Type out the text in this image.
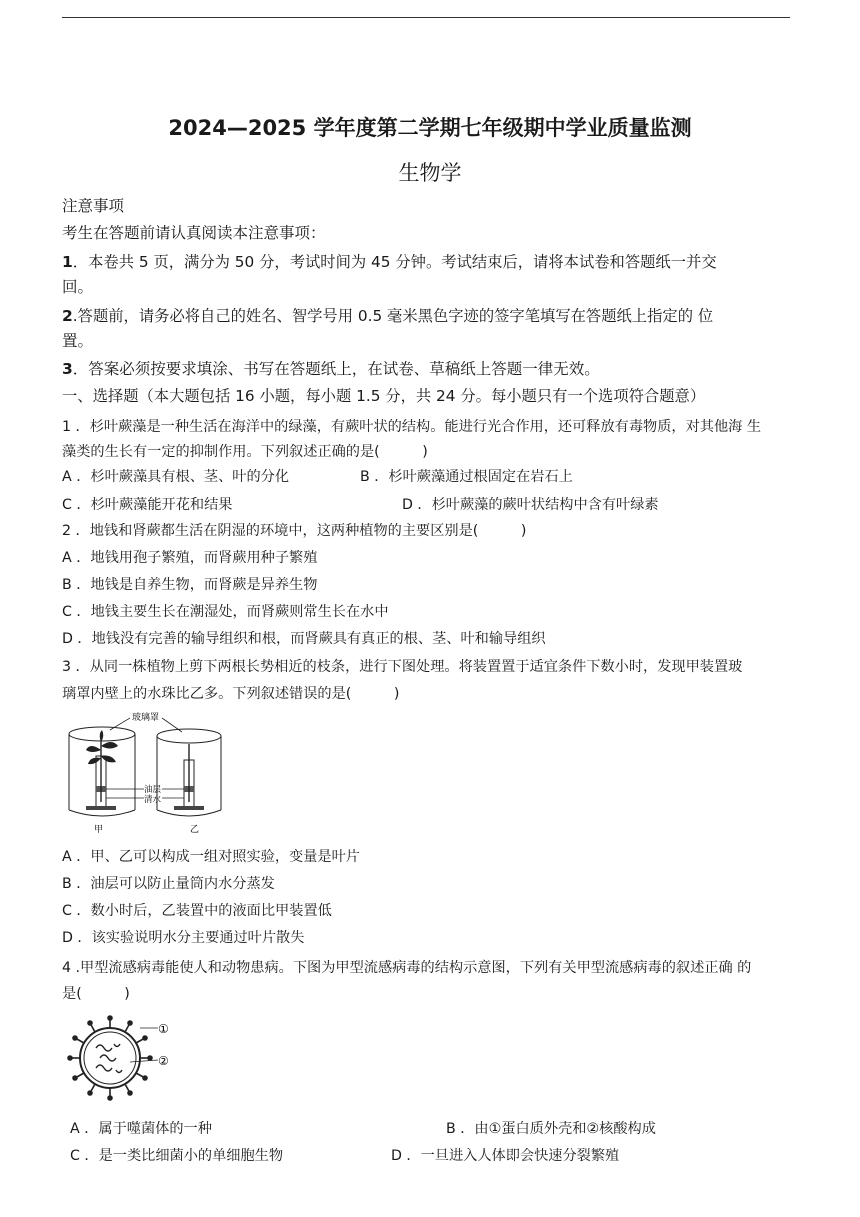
2024—2025 学年度第二学期七年级期中学业质量监测
生物学
注意事项
考生在答题前请认真阅读本注意事项：
1．本卷共 5 页，满分为 50 分，考试时间为 45 分钟。考试结束后，请将本试卷和答题纸一并交
回。
2.答题前，请务必将自己的姓名、智学号用 0.5 毫米黑色字迹的签字笔填写在答题纸上指定的 位
置。
3．答案必须按要求填涂、书写在答题纸上，在试卷、草稿纸上答题一律无效。
一、选择题（本大题包括 16 小题，每小题 1.5 分，共 24 分。每小题只有一个选项符合题意）
1 ．杉叶蕨藻是一种生活在海洋中的绿藻，有蕨叶状的结构。能进行光合作用，还可释放有毒物质，对其他海 生
藻类的生长有一定的抑制作用。下列叙述正确的是(　　　)
A ．杉叶蕨藻具有根、茎、叶的分化	B ．杉叶蕨藻通过根固定在岩石上
C ．杉叶蕨藻能开花和结果	D ．杉叶蕨藻的蕨叶状结构中含有叶绿素
2 ．地钱和肾蕨都生活在阴湿的环境中，这两种植物的主要区别是(　　　)
A ．地钱用孢子繁殖，而肾蕨用种子繁殖
B ．地钱是自养生物，而肾蕨是异养生物
C ．地钱主要生长在潮湿处，而肾蕨则常生长在水中
D ．地钱没有完善的输导组织和根，而肾蕨具有真正的根、茎、叶和输导组织
3 ．从同一株植物上剪下两根长势相近的枝条，进行下图处理。将装置置于适宜条件下数小时，发现甲装置玻
璃罩内壁上的水珠比乙多。下列叙述错误的是(　　　)
玻璃罩
甲	乙
油层
清水
A ．甲、乙可以构成一组对照实验，变量是叶片
B ．油层可以防止量筒内水分蒸发
C ．数小时后，乙装置中的液面比甲装置低
D ．该实验说明水分主要通过叶片散失
4 .甲型流感病毒能使人和动物患病。下图为甲型流感病毒的结构示意图，下列有关甲型流感病毒的叙述正确 的
是(　　　)
①
②
A ．属于噬菌体的一种	B ．由①蛋白质外壳和②核酸构成
C ．是一类比细菌小的单细胞生物	D ．一旦进入人体即会快速分裂繁殖
